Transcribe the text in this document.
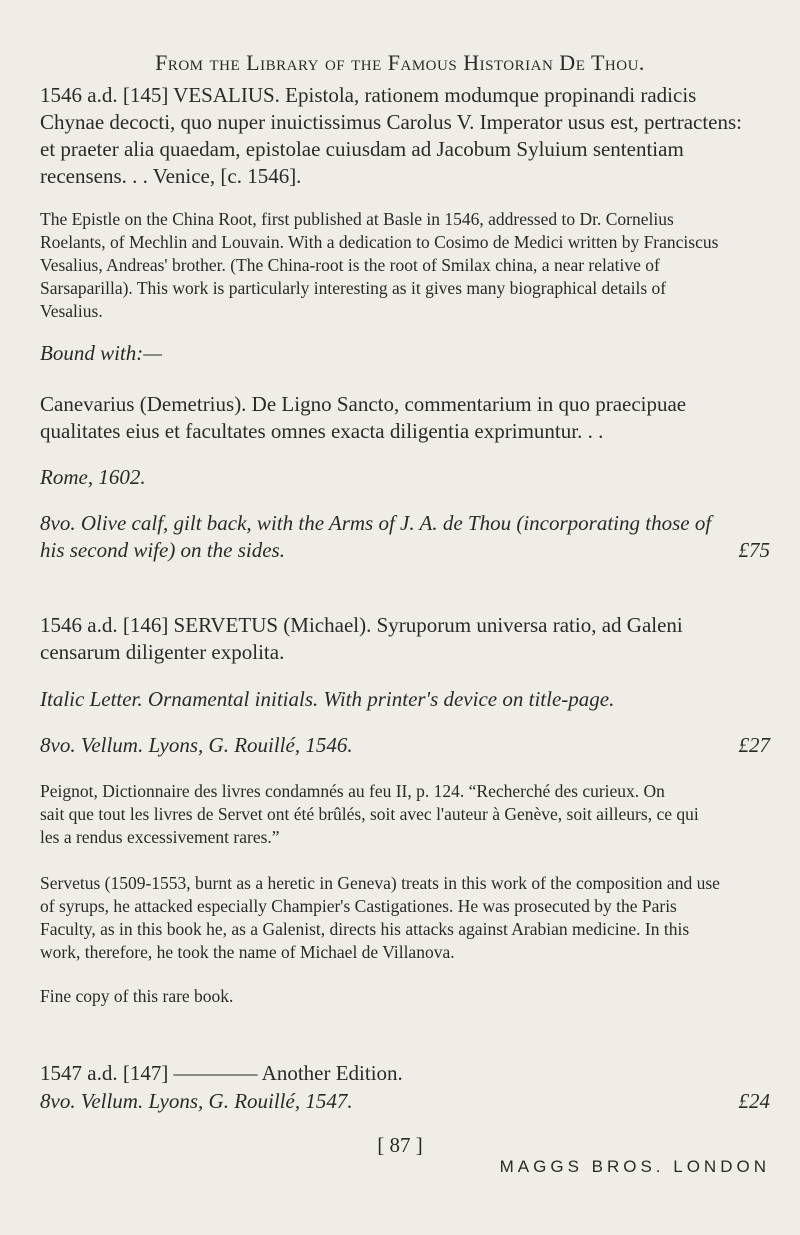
From the Library of the Famous Historian De Thou.
1546 a.d. [145] VESALIUS. Epistola, rationem modumque propinandi radicis
Chynae decocti, quo nuper inuictissimus Carolus V. Imperator usus est, pertractens:
et praeter alia quaedam, epistolae cuiusdam ad Jacobum Syluium sententiam
recensens. . . Venice, [c. 1546].
The Epistle on the China Root, first published at Basle in 1546, addressed to Dr. Cornelius
Roelants, of Mechlin and Louvain. With a dedication to Cosimo de Medici written by Franciscus
Vesalius, Andreas' brother. (The China-root is the root of Smilax china, a near relative of
Sarsaparilla). This work is particularly interesting as it gives many biographical details of
Vesalius.
Bound with:—
Canevarius (Demetrius). De Ligno Sancto, commentarium in quo praecipuae
qualitates eius et facultates omnes exacta diligentia exprimuntur. . .
Rome, 1602.
8vo. Olive calf, gilt back, with the Arms of J. A. de Thou (incorporating those of
his second wife) on the sides.	£75
1546 a.d. [146] SERVETUS (Michael). Syruporum universa ratio, ad Galeni
censarum diligenter expolita.
Italic Letter. Ornamental initials. With printer's device on title-page.
8vo. Vellum. Lyons, G. Rouillé, 1546.	£27
Peignot, Dictionnaire des livres condamnés au feu II, p. 124. “Recherché des curieux. On
sait que tout les livres de Servet ont été brûlés, soit avec l'auteur à Genève, soit ailleurs, ce qui
les a rendus excessivement rares.”
Servetus (1509-1553, burnt as a heretic in Geneva) treats in this work of the composition and use
of syrups, he attacked especially Champier's Castigationes. He was prosecuted by the Paris
Faculty, as in this book he, as a Galenist, directs his attacks against Arabian medicine. In this
work, therefore, he took the name of Michael de Villanova.
Fine copy of this rare book.
1547 a.d. [147] ———— Another Edition.
8vo. Vellum. Lyons, G. Rouillé, 1547.	£24
[ 87 ]
MAGGS BROS. LONDON
